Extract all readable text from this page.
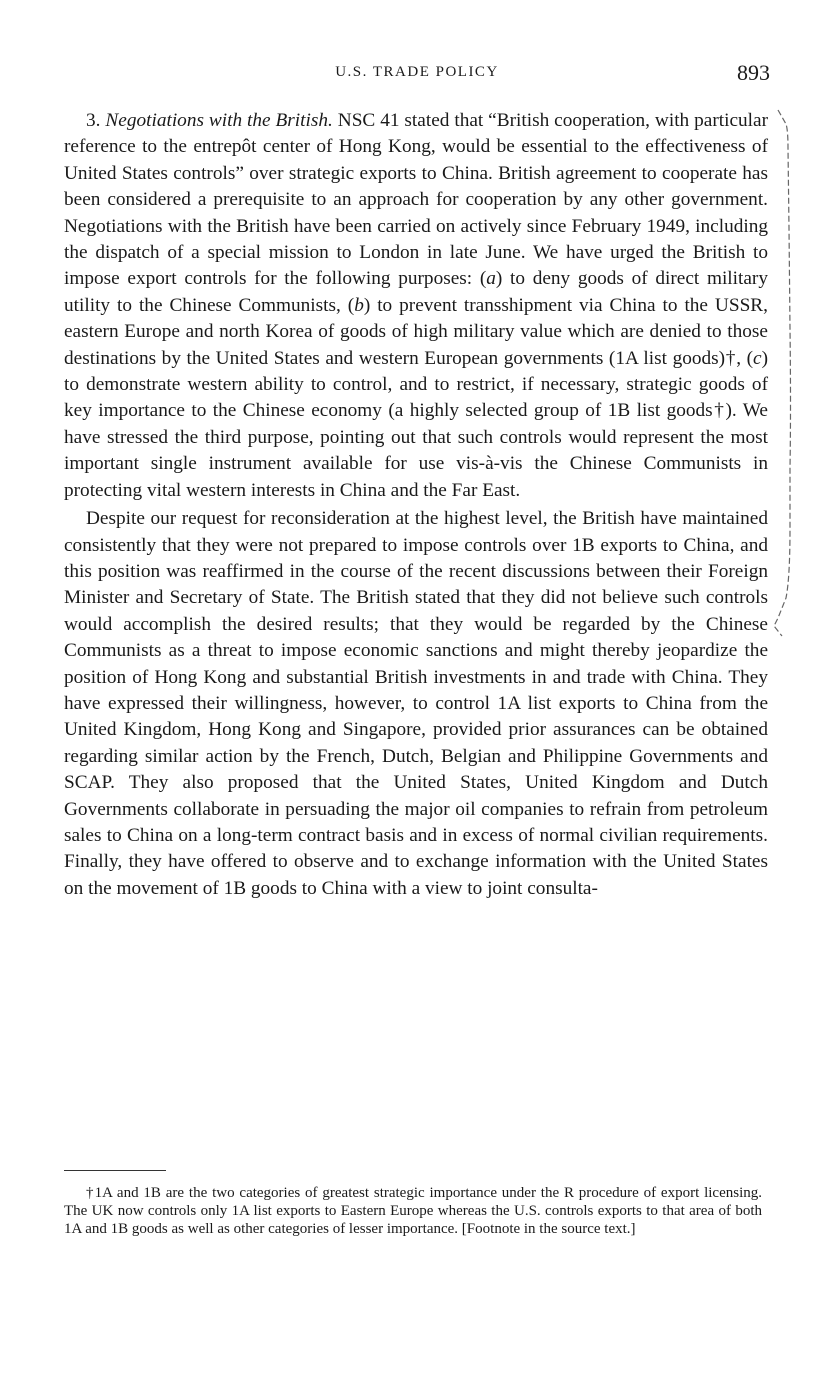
U.S. TRADE POLICY	893

3. Negotiations with the British. NSC 41 stated that “British cooperation, with particular reference to the entrepôt center of Hong Kong, would be essential to the effectiveness of United States controls” over strategic exports to China. British agreement to cooperate has been considered a prerequisite to an approach for cooperation by any other government. Negotiations with the British have been carried on actively since February 1949, including the dispatch of a special mission to London in late June. We have urged the British to impose export controls for the following purposes: (a) to deny goods of direct military utility to the Chinese Communists, (b) to prevent transshipment via China to the USSR, eastern Europe and north Korea of goods of high military value which are denied to those destinations by the United States and western European governments (1A list goods)†, (c) to demonstrate western ability to control, and to restrict, if necessary, strategic goods of key importance to the Chinese economy (a highly selected group of 1B list goods†). We have stressed the third purpose, pointing out that such controls would represent the most important single instrument available for use vis-à-vis the Chinese Communists in protecting vital western interests in China and the Far East.

Despite our request for reconsideration at the highest level, the British have maintained consistently that they were not prepared to impose controls over 1B exports to China, and this position was reaffirmed in the course of the recent discussions between their Foreign Minister and Secretary of State. The British stated that they did not believe such controls would accomplish the desired results; that they would be regarded by the Chinese Communists as a threat to impose economic sanctions and might thereby jeopardize the position of Hong Kong and substantial British investments in and trade with China. They have expressed their willingness, however, to control 1A list exports to China from the United Kingdom, Hong Kong and Singapore, provided prior assurances can be obtained regarding similar action by the French, Dutch, Belgian and Philippine Governments and SCAP. They also proposed that the United States, United Kingdom and Dutch Governments collaborate in persuading the major oil companies to refrain from petroleum sales to China on a long-term contract basis and in excess of normal civilian requirements. Finally, they have offered to observe and to exchange information with the United States on the movement of 1B goods to China with a view to joint consulta-

†1A and 1B are the two categories of greatest strategic importance under the R procedure of export licensing. The UK now controls only 1A list exports to Eastern Europe whereas the U.S. controls exports to that area of both 1A and 1B goods as well as other categories of lesser importance. [Footnote in the source text.]
